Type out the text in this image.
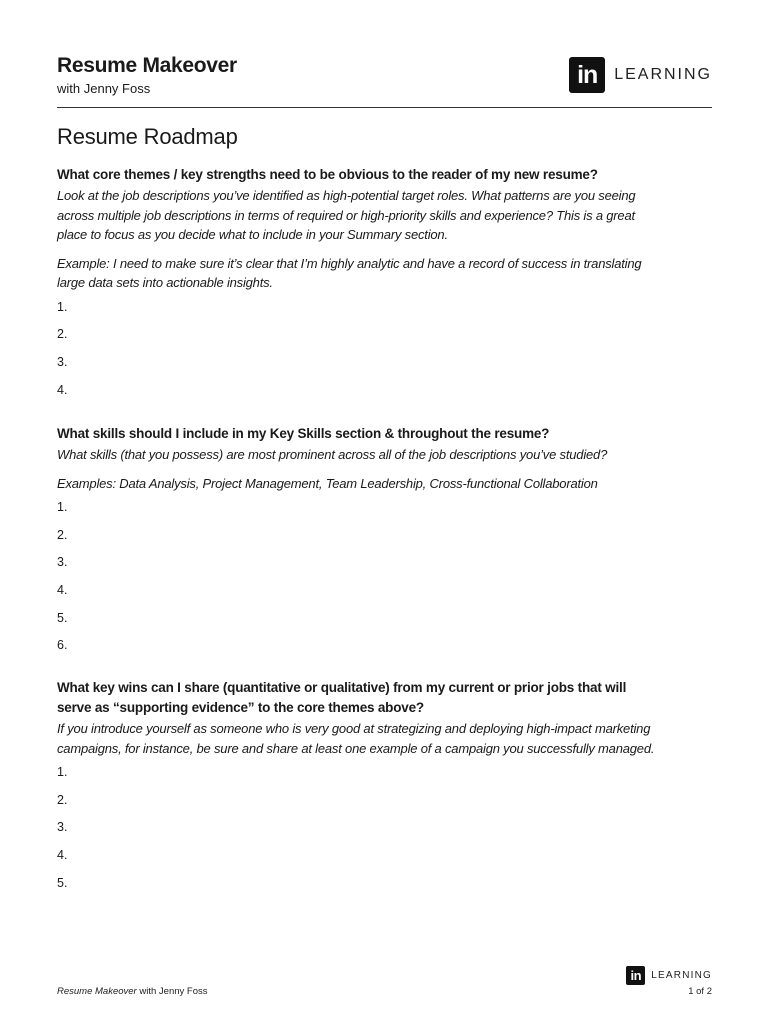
Resume Makeover
with Jenny Foss	in	LEARNING
Resume Roadmap

What core themes / key strengths need to be obvious to the reader of my new resume?

Look at the job descriptions you’ve identified as high-potential target roles. What patterns are you seeing across multiple job descriptions in terms of required or high-priority skills and experience? This is a great place to focus as you decide what to include in your Summary section.

Example: I need to make sure it’s clear that I’m highly analytic and have a record of success in translating large data sets into actionable insights.

1.
2.
3.
4.

What skills should I include in my Key Skills section & throughout the resume?

What skills (that you possess) are most prominent across all of the job descriptions you’ve studied?

Examples: Data Analysis, Project Management, Team Leadership, Cross-functional Collaboration

1.
2.
3.
4.
5.
6.

What key wins can I share (quantitative or qualitative) from my current or prior jobs that will serve as “supporting evidence” to the core themes above?

If you introduce yourself as someone who is very good at strategizing and deploying high-impact marketing campaigns, for instance, be sure and share at least one example of a campaign you successfully managed.

1.
2.
3.
4.
5.
in	LEARNING
Resume Makeover with Jenny Foss	1 of 2
